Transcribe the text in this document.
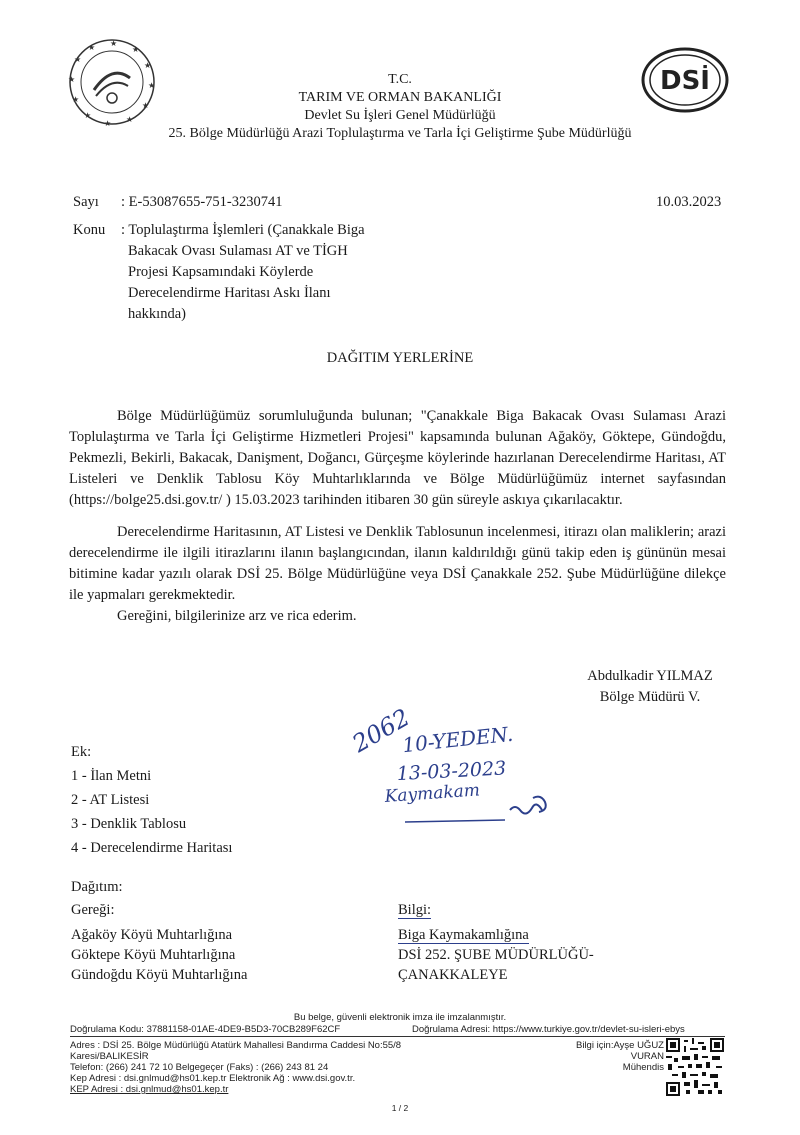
★
★
★
★
★
★
★
★
★
★
★
★
DSİ
T.C.
TARIM VE ORMAN BAKANLIĞI
Devlet Su İşleri Genel Müdürlüğü
25. Bölge Müdürlüğü Arazi Toplulaştırma ve Tarla İçi Geliştirme Şube Müdürlüğü
Sayı : E-53087655-751-3230741	10.03.2023
Konu : Toplulaştırma İşlemleri (Çanakkale Biga
Bakacak Ovası Sulaması AT ve TİGH
Projesi Kapsamındaki Köylerde
Derecelendirme Haritası Askı İlanı
hakkında)
DAĞITIM YERLERİNE
Bölge Müdürlüğümüz sorumluluğunda bulunan; "Çanakkale Biga Bakacak Ovası Sulaması Arazi Toplulaştırma ve Tarla İçi Geliştirme Hizmetleri Projesi" kapsamında bulunan Ağaköy, Göktepe, Gündoğdu, Pekmezli, Bekirli, Bakacak, Danişment, Doğancı, Gürçeşme köylerinde hazırlanan Derecelendirme Haritası, AT Listeleri ve Denklik Tablosu Köy Muhtarlıklarında ve Bölge Müdürlüğümüz internet sayfasından (https://bolge25.dsi.gov.tr/ ) 15.03.2023 tarihinden itibaren 30 gün süreyle askıya çıkarılacaktır.
Derecelendirme Haritasının, AT Listesi ve Denklik Tablosunun incelenmesi, itirazı olan maliklerin; arazi derecelendirme ile ilgili itirazlarını ilanın başlangıcından, ilanın kaldırıldığı günü takip eden iş gününün mesai bitimine kadar yazılı olarak DSİ 25. Bölge Müdürlüğüne veya DSİ Çanakkale 252. Şube Müdürlüğüne dilekçe ile yapmaları gerekmektedir.
Gereğini, bilgilerinize arz ve rica ederim.
Abdulkadir YILMAZ
Bölge Müdürü V.
2062
10-YEDEN.
13-03-2023
Kaymakam
Ek:
1 - İlan Metni
2 - AT Listesi
3 - Denklik Tablosu
4 - Derecelendirme Haritası
Dağıtım:
Gereği:
Ağaköy Köyü Muhtarlığına
Göktepe Köyü Muhtarlığına
Gündoğdu Köyü Muhtarlığına
Bilgi:
Biga Kaymakamlığına
DSİ 252. ŞUBE MÜDÜRLÜĞÜ-
ÇANAKKALEYE
Bu belge, güvenli elektronik imza ile imzalanmıştır.
Doğrulama Kodu: 37881158-01AE-4DE9-B5D3-70CB289F62CF	Doğrulama Adresi: https://www.turkiye.gov.tr/devlet-su-isleri-ebys
Adres : DSİ 25. Bölge Müdürlüğü Atatürk Mahallesi Bandırma Caddesi No:55/8
Karesi/BALIKESİR
Telefon: (266) 241 72 10 Belgegeçer (Faks) : (266) 243 81 24
Kep Adresi : dsi.gnlmud@hs01.kep.tr Elektronik Ağ : www.dsi.gov.tr.
KEP Adresi : dsi.gnlmud@hs01.kep.tr
Bilgi için:Ayşe UĞUZ
VURAN
Mühendis
1 / 2
